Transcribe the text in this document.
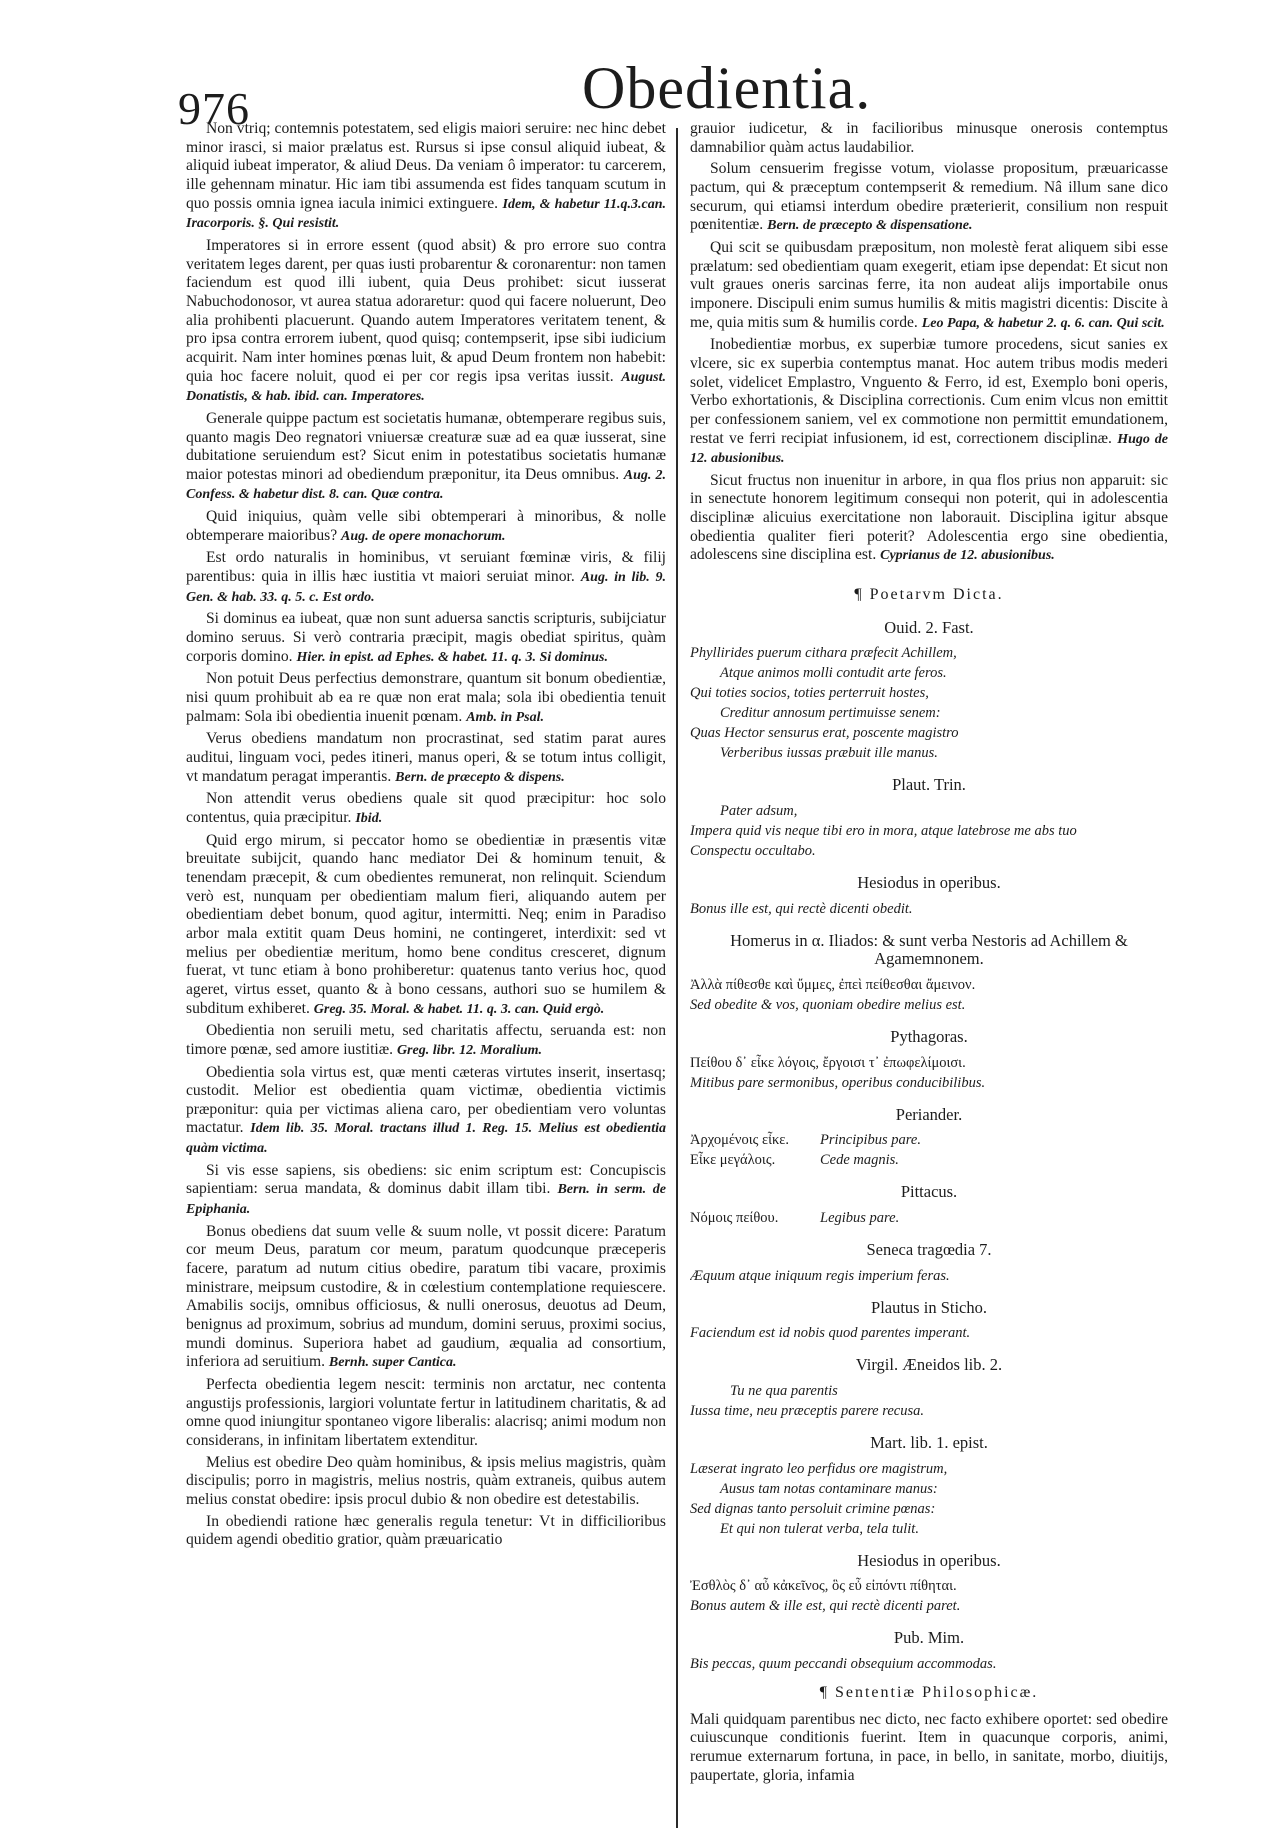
976	Obedientia.

Non vtriq; contemnis potestatem, sed eligis maiori seruire: nec hinc debet minor irasci, si maior prælatus est. Rursus si ipse consul aliquid iubeat, & aliquid iubeat imperator, & aliud Deus. Da veniam ô imperator: tu carcerem, ille gehennam minatur. Hic iam tibi assumenda est fides tanquam scutum in quo possis omnia ignea iacula inimici extinguere. Idem, & habetur 11.q.3.can. Iracorporis. §. Qui resistit.

Imperatores si in errore essent (quod absit) & pro errore suo contra veritatem leges darent, per quas iusti probarentur & coronarentur: non tamen faciendum est quod illi iubent, quia Deus prohibet: sicut iusserat Nabuchodonosor, vt aurea statua adoraretur: quod qui facere noluerunt, Deo alia prohibenti placuerunt. Quando autem Imperatores veritatem tenent, & pro ipsa contra errorem iubent, quod quisq; contempserit, ipse sibi iudicium acquirit. Nam inter homines pœnas luit, & apud Deum frontem non habebit: quia hoc facere noluit, quod ei per cor regis ipsa veritas iussit. August. Donatistis, & hab. ibid. can. Imperatores.

Generale quippe pactum est societatis humanæ, obtemperare regibus suis, quanto magis Deo regnatori vniuersæ creaturæ suæ ad ea quæ iusserat, sine dubitatione seruiendum est? Sicut enim in potestatibus societatis humanæ maior potestas minori ad obediendum præponitur, ita Deus omnibus. Aug. 2. Confess. & habetur dist. 8. can. Quæ contra.

Quid iniquius, quàm velle sibi obtemperari à minoribus, & nolle obtemperare maioribus? Aug. de opere monachorum.

Est ordo naturalis in hominibus, vt seruiant fœminæ viris, & filij parentibus: quia in illis hæc iustitia vt maiori seruiat minor. Aug. in lib. 9. Gen. & hab. 33. q. 5. c. Est ordo.

Si dominus ea iubeat, quæ non sunt aduersa sanctis scripturis, subijciatur domino seruus. Si verò contraria præcipit, magis obediat spiritus, quàm corporis domino. Hier. in epist. ad Ephes. & habet. 11. q. 3. Si dominus.

Non potuit Deus perfectius demonstrare, quantum sit bonum obedientiæ, nisi quum prohibuit ab ea re quæ non erat mala; sola ibi obedientia tenuit palmam: Sola ibi obedientia inuenit pœnam. Amb. in Psal.

Verus obediens mandatum non procrastinat, sed statim parat aures auditui, linguam voci, pedes itineri, manus operi, & se totum intus colligit, vt mandatum peragat imperantis. Bern. de præcepto & dispens.

Non attendit verus obediens quale sit quod præcipitur: hoc solo contentus, quia præcipitur. Ibid.

Quid ergo mirum, si peccator homo se obedientiæ in præsentis vitæ breuitate subijcit, quando hanc mediator Dei & hominum tenuit, & tenendam præcepit, & cum obedientes remunerat, non relinquit. Sciendum verò est, nunquam per obedientiam malum fieri, aliquando autem per obedientiam debet bonum, quod agitur, intermitti. Neq; enim in Paradiso arbor mala extitit quam Deus homini, ne contingeret, interdixit: sed vt melius per obedientiæ meritum, homo bene conditus cresceret, dignum fuerat, vt tunc etiam à bono prohiberetur: quatenus tanto verius hoc, quod ageret, virtus esset, quanto & à bono cessans, authori suo se humilem & subditum exhiberet. Greg. 35. Moral. & habet. 11. q. 3. can. Quid ergò.

Obedientia non seruili metu, sed charitatis affectu, seruanda est: non timore pœnæ, sed amore iustitiæ. Greg. libr. 12. Moralium.

Obedientia sola virtus est, quæ menti cæteras virtutes inserit, insertasq; custodit. Melior est obedientia quam victimæ, obedientia victimis præponitur: quia per victimas aliena caro, per obedientiam vero voluntas mactatur. Idem lib. 35. Moral. tractans illud 1. Reg. 15. Melius est obedientia quàm victima.

Si vis esse sapiens, sis obediens: sic enim scriptum est: Concupiscis sapientiam: serua mandata, & dominus dabit illam tibi. Bern. in serm. de Epiphania.

Bonus obediens dat suum velle & suum nolle, vt possit dicere: Paratum cor meum Deus, paratum cor meum, paratum quodcunque præceperis facere, paratum ad nutum citius obedire, paratum tibi vacare, proximis ministrare, meipsum custodire, & in cœlestium contemplatione requiescere. Amabilis socijs, omnibus officiosus, & nulli onerosus, deuotus ad Deum, benignus ad proximum, sobrius ad mundum, domini seruus, proximi socius, mundi dominus. Superiora habet ad gaudium, æqualia ad consortium, inferiora ad seruitium. Bernh. super Cantica.

Perfecta obedientia legem nescit: terminis non arctatur, nec contenta angustijs professionis, largiori voluntate fertur in latitudinem charitatis, & ad omne quod iniungitur spontaneo vigore liberalis: alacrisq; animi modum non considerans, in infinitam libertatem extenditur.

Melius est obedire Deo quàm hominibus, & ipsis melius magistris, quàm discipulis; porro in magistris, melius nostris, quàm extraneis, quibus autem melius constat obedire: ipsis procul dubio & non obedire est detestabilis.

In obediendi ratione hæc generalis regula tenetur: Vt in difficilioribus quidem agendi obeditio gratior, quàm præuaricatio

grauior iudicetur, & in facilioribus minusque onerosis contemptus damnabilior quàm actus laudabilior.

Solum censuerim fregisse votum, violasse propositum, præuaricasse pactum, qui & præceptum contempserit & remedium. Nâ illum sane dico securum, qui etiamsi interdum obedire præterierit, consilium non respuit pœnitentiæ. Bern. de præcepto & dispensatione.

Qui scit se quibusdam præpositum, non molestè ferat aliquem sibi esse prælatum: sed obedientiam quam exegerit, etiam ipse dependat: Et sicut non vult graues oneris sarcinas ferre, ita non audeat alijs importabile onus imponere. Discipuli enim sumus humilis & mitis magistri dicentis: Discite à me, quia mitis sum & humilis corde. Leo Papa, & habetur 2. q. 6. can. Qui scit.

Inobedientiæ morbus, ex superbiæ tumore procedens, sicut sanies ex vlcere, sic ex superbia contemptus manat. Hoc autem tribus modis mederi solet, videlicet Emplastro, Vnguento & Ferro, id est, Exemplo boni operis, Verbo exhortationis, & Disciplina correctionis. Cum enim vlcus non emittit per confessionem saniem, vel ex commotione non permittit emundationem, restat ve ferri recipiat infusionem, id est, correctionem disciplinæ. Hugo de 12. abusionibus.

Sicut fructus non inuenitur in arbore, in qua flos prius non apparuit: sic in senectute honorem legitimum consequi non poterit, qui in adolescentia disciplinæ alicuius exercitatione non laborauit. Disciplina igitur absque obedientia qualiter fieri poterit? Adolescentia ergo sine obedientia, adolescens sine disciplina est. Cyprianus de 12. abusionibus.

¶ Poetarvm Dicta.

Ouid. 2. Fast.

Phyllirides puerum cithara præfecit Achillem,

Atque animos molli contudit arte feros.

Qui toties socios, toties perterruit hostes,

Creditur annosum pertimuisse senem:

Quas Hector sensurus erat, poscente magistro

Verberibus iussas præbuit ille manus.

Plaut. Trin.

Pater adsum,

Impera quid vis neque tibi ero in mora, atque latebrose me abs tuo

Conspectu occultabo.

Hesiodus in operibus.

Bonus ille est, qui rectè dicenti obedit.

Homerus in α. Iliados: & sunt verba Nestoris ad Achillem & Agamemnonem.

Ἀλλὰ πίθεσθε καὶ ὔμμες, ἐπεὶ πείθεσθαι ἄμεινον.

Sed obedite & vos, quoniam obedire melius est.

Pythagoras.

Πείθου δ᾽ εἶκε λόγοις, ἔργοισι τ᾽ ἐπωφελίμοισι.

Mitibus pare sermonibus, operibus conducibilibus.

Periander.

Ἀρχομένοις εἶκε.	Principibus pare.
Εἶκε μεγάλοις.	Cede magnis.

Pittacus.

Νόμοις πείθου.	Legibus pare.

Seneca tragœdia 7.

Æquum atque iniquum regis imperium feras.

Plautus in Sticho.

Faciendum est id nobis quod parentes imperant.

Virgil. Æneidos lib. 2.

Tu ne qua parentis

Iussa time, neu præceptis parere recusa.

Mart. lib. 1. epist.

Læserat ingrato leo perfidus ore magistrum,

Ausus tam notas contaminare manus:

Sed dignas tanto persoluit crimine pœnas:

Et qui non tulerat verba, tela tulit.

Hesiodus in operibus.

Ἐσθλὸς δ᾽ αὖ κἀκεῖνος, ὃς εὖ εἰπόντι πίθηται.

Bonus autem & ille est, qui rectè dicenti paret.

Pub. Mim.

Bis peccas, quum peccandi obsequium accommodas.

¶ Sententiæ Philosophicæ.

Mali quidquam parentibus nec dicto, nec facto exhibere oportet: sed obedire cuiuscunque conditionis fuerint. Item in quacunque corporis, animi, rerumue externarum fortuna, in pace, in bello, in sanitate, morbo, diuitijs, paupertate, gloria, infamia
